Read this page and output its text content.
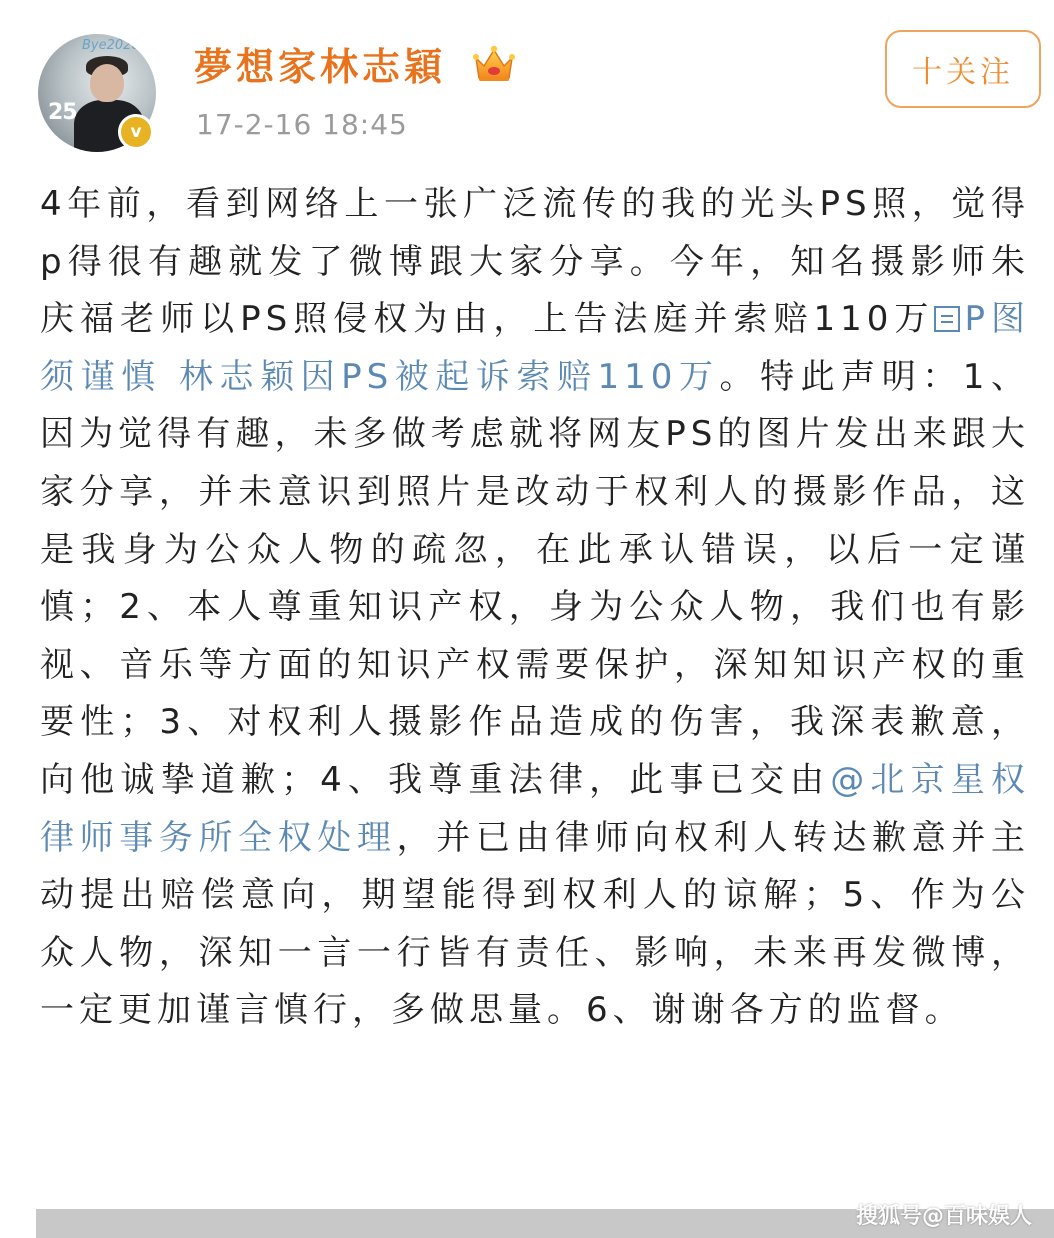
Bye2020
25
v
夢想家林志穎
17-2-16 18:45
十关注
4年前，看到网络上一张广泛流传的我的光头PS照，觉得p得很有趣就发了微博跟大家分享。今年，知名摄影师朱庆福老师以PS照侵权为由，上告法庭并索赔110万 P图须谨慎 林志颖因PS被起诉索赔110万。特此声明：1、因为觉得有趣，未多做考虑就将网友PS的图片发出来跟大家分享，并未意识到照片是改动于权利人的摄影作品，这是我身为公众人物的疏忽，在此承认错误，以后一定谨慎；2、本人尊重知识产权，身为公众人物，我们也有影视、音乐等方面的知识产权需要保护，深知知识产权的重要性；3、对权利人摄影作品造成的伤害，我深表歉意，向他诚挚道歉；4、我尊重法律，此事已交由@北京星权律师事务所全权处理，并已由律师向权利人转达歉意并主动提出赔偿意向，期望能得到权利人的谅解；5、作为公众人物，深知一言一行皆有责任、影响，未来再发微博，一定更加谨言慎行，多做思量。6、谢谢各方的监督。
搜狐号@百味娱人
